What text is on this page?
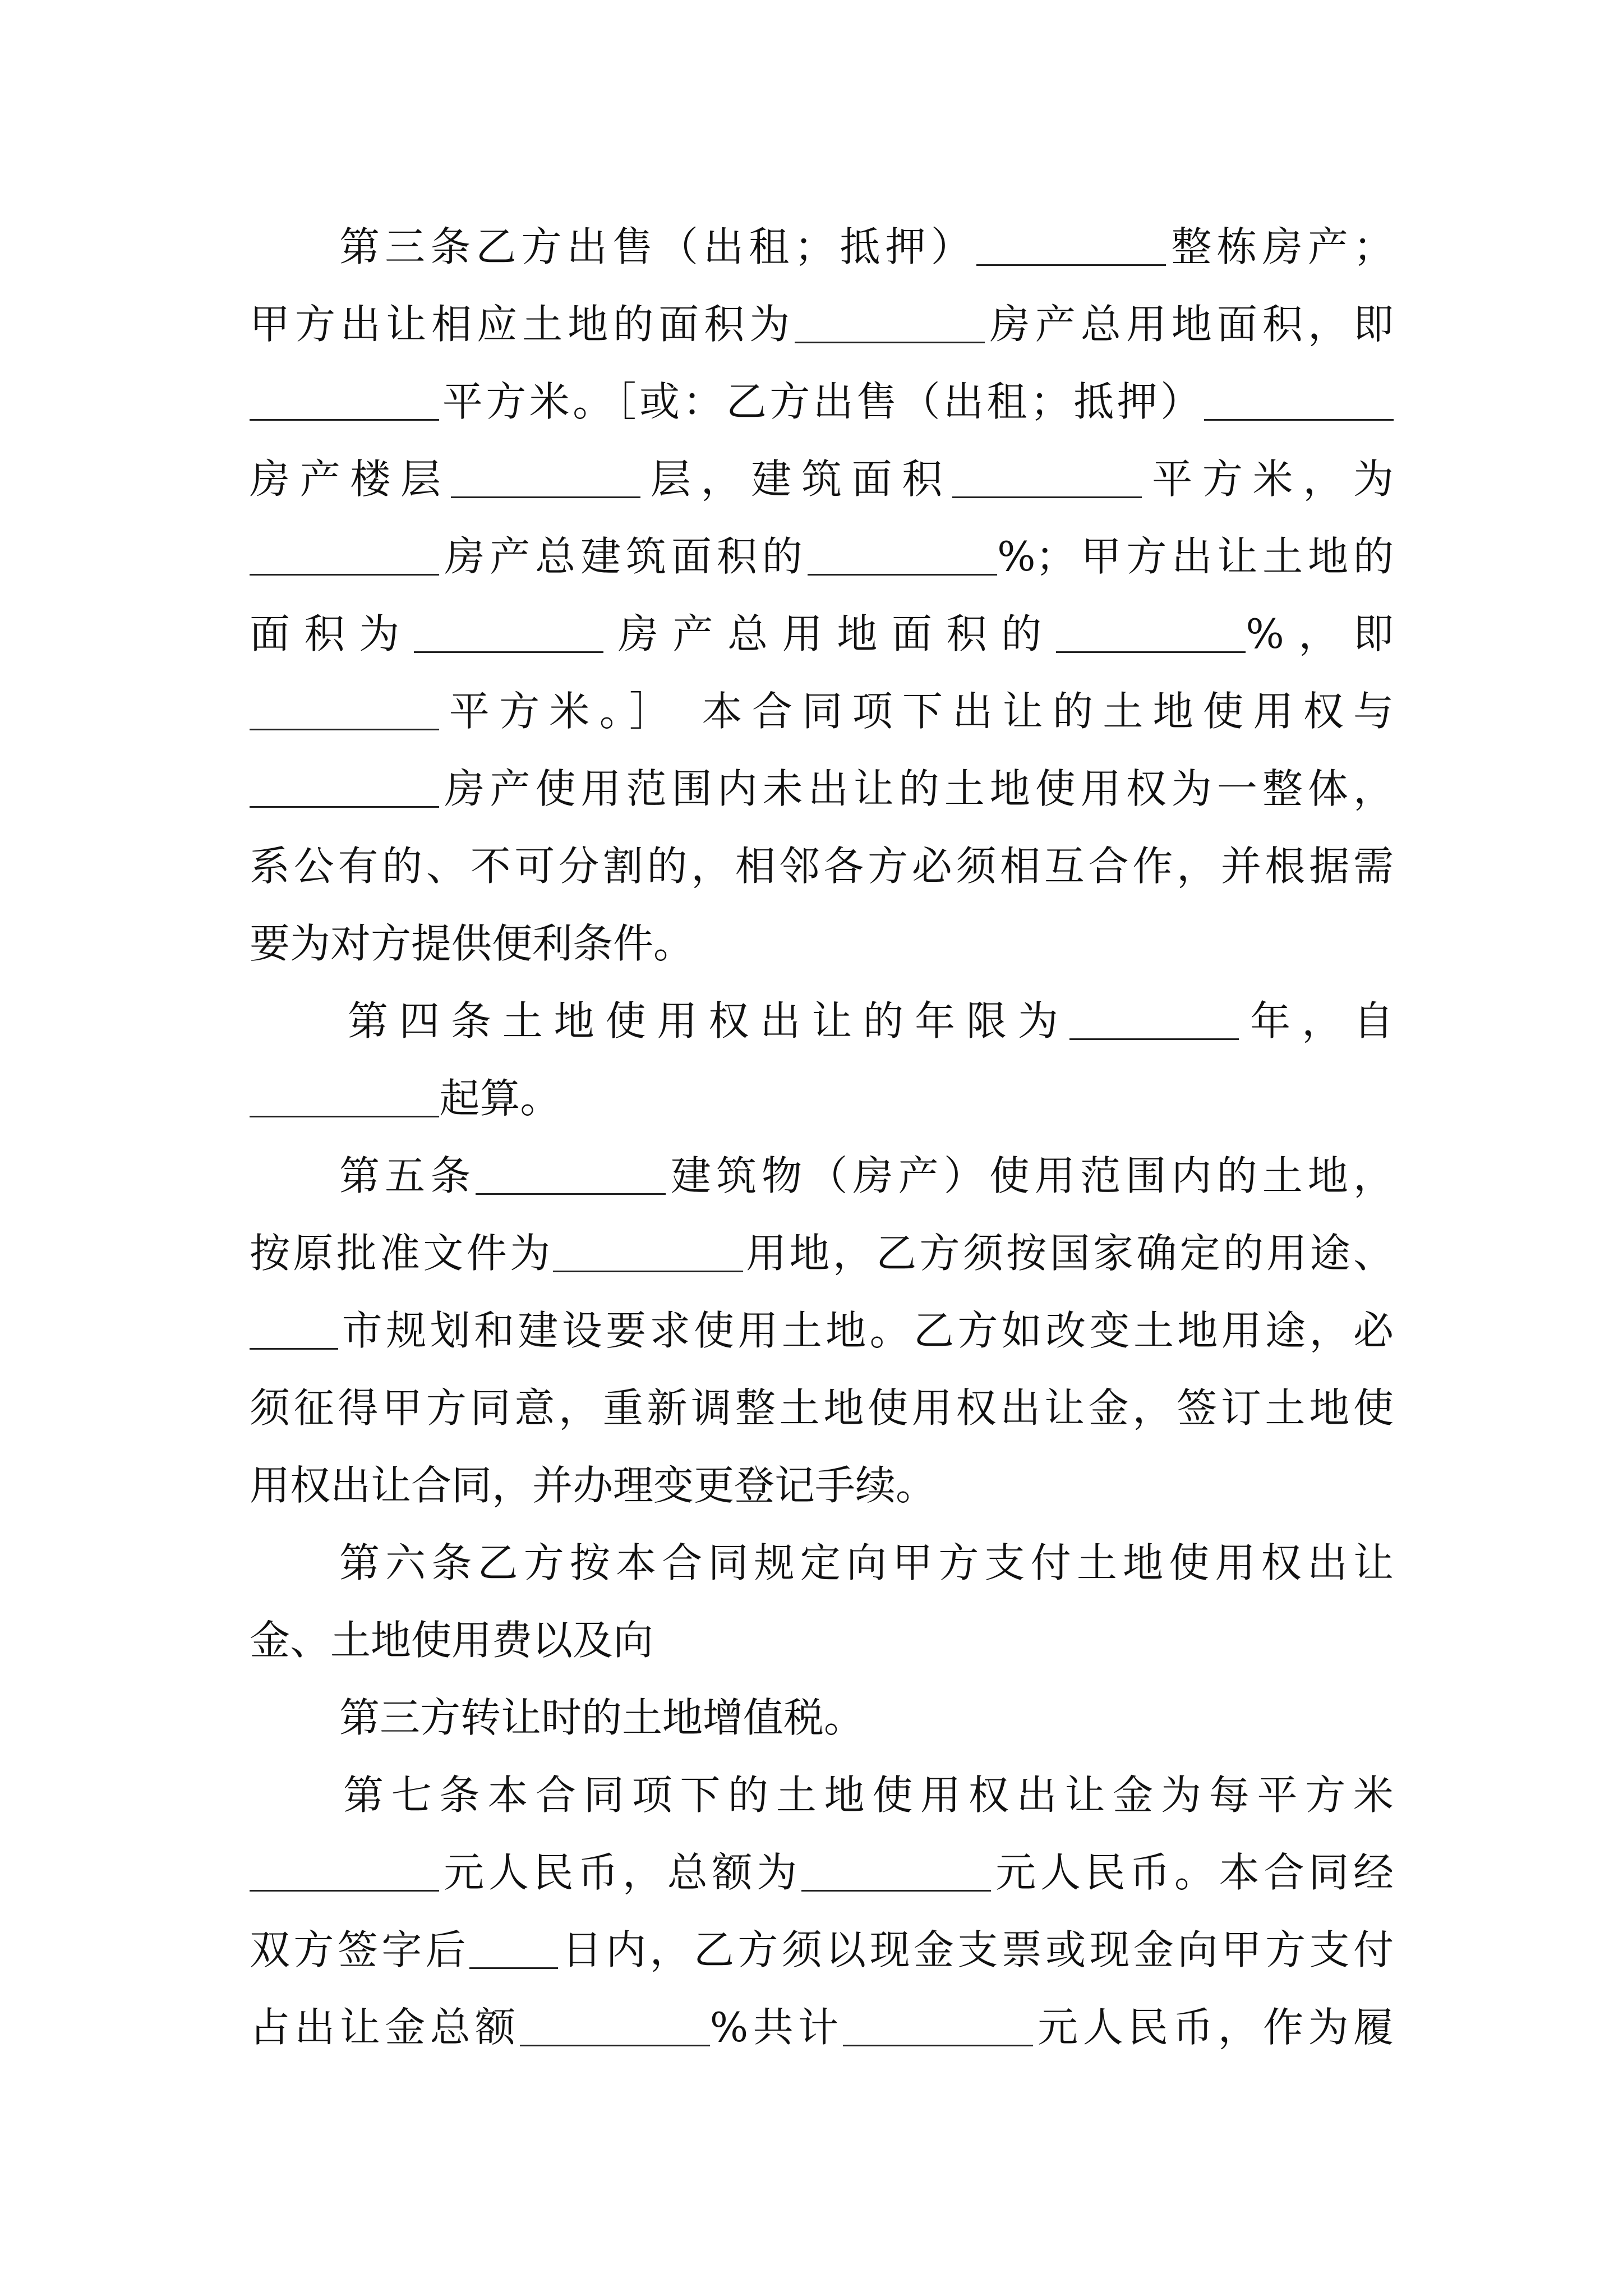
第三条乙方出售（出租；抵押）	整栋房产；
甲方出让相应土地的面积为	房产总用地面积，即
平方米。［或：乙方出售（出租；抵押）
房产楼层	层，建筑面积	平方米，为
房产总建筑面积的	%；甲方出让土地的
面积为	房产总用地面积的	%，即
平方米。］ 本合同项下出让的土地使用权与
房产使用范围内未出让的土地使用权为一整体，
系公有的、不可分割的，相邻各方必须相互合作，并根据需
要为对方提供便利条件。
第四条土地使用权出让的年限为	年，自
起算。
第五条	建筑物（房产）使用范围内的土地，
按原批准文件为	用地，乙方须按国家确定的用途、
市规划和建设要求使用土地。乙方如改变土地用途，必
须征得甲方同意，重新调整土地使用权出让金，签订土地使
用权出让合同，并办理变更登记手续。
第六条乙方按本合同规定向甲方支付土地使用权出让
金、土地使用费以及向
第三方转让时的土地增值税。
第七条本合同项下的土地使用权出让金为每平方米
元人民币，总额为	元人民币。本合同经
双方签字后 日内，乙方须以现金支票或现金向甲方支付
占出让金总额	%共计	元人民币，作为履
